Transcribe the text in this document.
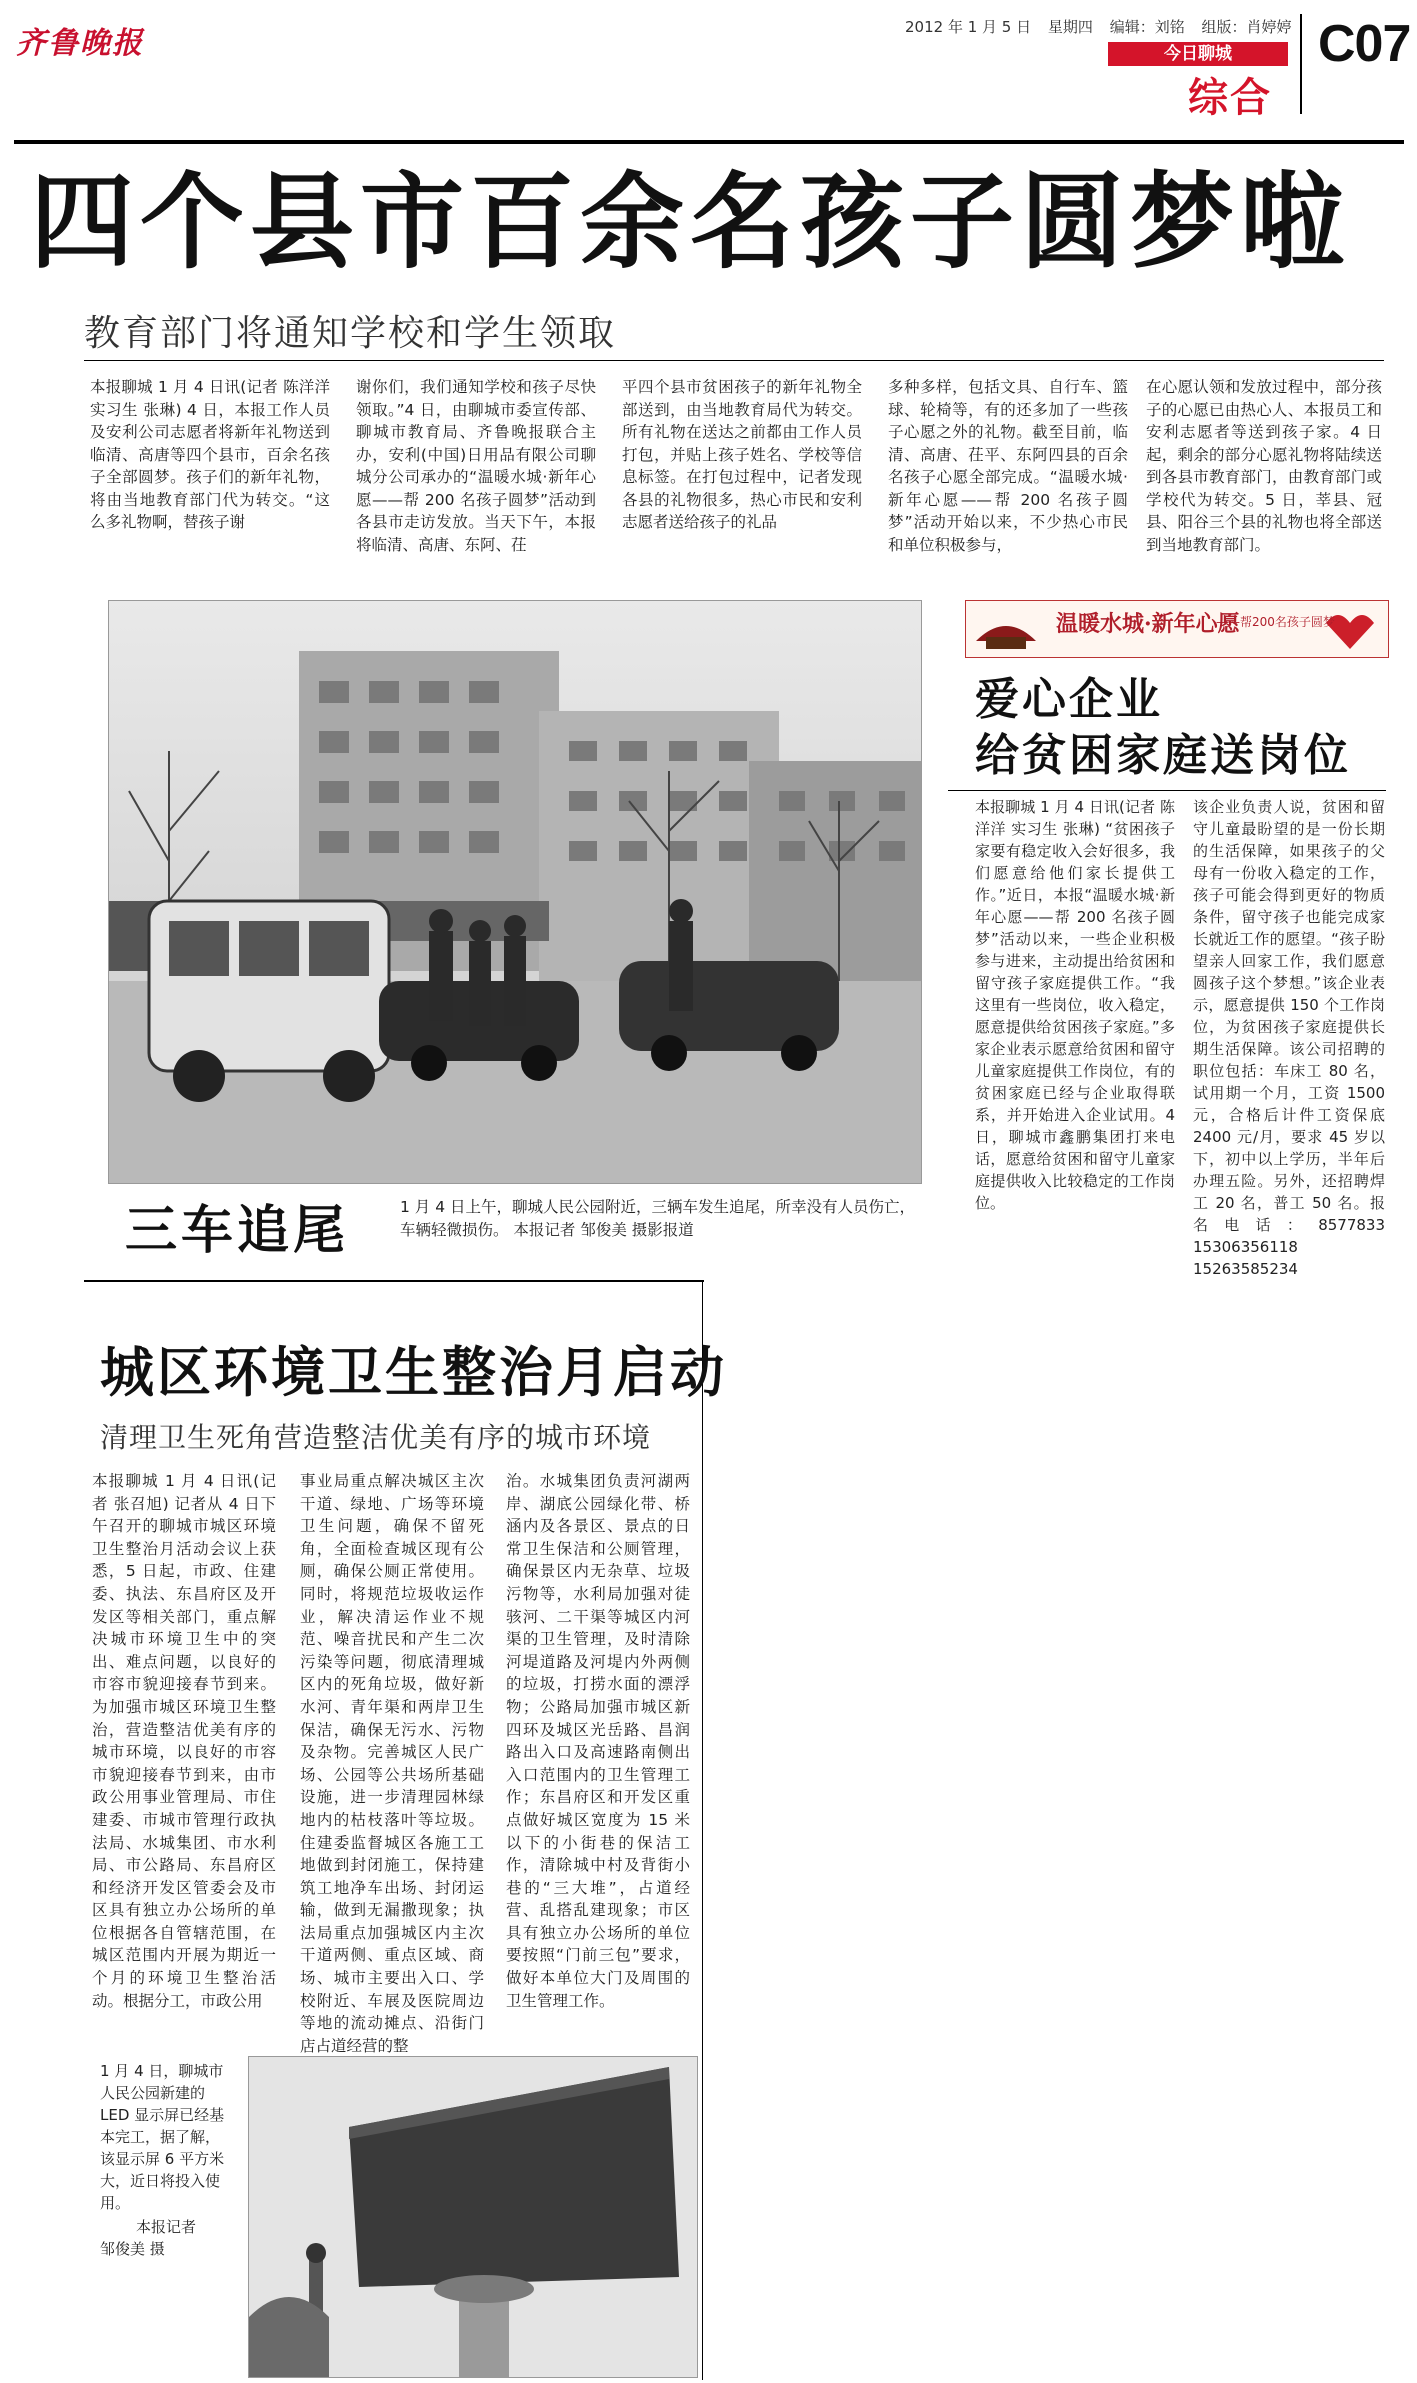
齐鲁晚报	2012 年 1 月 5 日 星期四 编辑：刘铭 组版：肖婷婷
今日聊城
综合
C07
四个县市百余名孩子圆梦啦
教育部门将通知学校和学生领取

本报聊城 1 月 4 日讯(记者 陈洋洋 实习生 张琳) 4 日，本报工作人员及安利公司志愿者将新年礼物送到临清、高唐等四个县市，百余名孩子全部圆梦。孩子们的新年礼物，将由当地教育部门代为转交。“这么多礼物啊，替孩子谢

谢你们，我们通知学校和孩子尽快领取。”4 日，由聊城市委宣传部、聊城市教育局、齐鲁晚报联合主办，安利(中国)日用品有限公司聊城分公司承办的“温暖水城·新年心愿——帮 200 名孩子圆梦”活动到各县市走访发放。当天下午，本报将临清、高唐、东阿、茌

平四个县市贫困孩子的新年礼物全部送到，由当地教育局代为转交。所有礼物在送达之前都由工作人员打包，并贴上孩子姓名、学校等信息标签。在打包过程中，记者发现各县的礼物很多，热心市民和安利志愿者送给孩子的礼品

多种多样，包括文具、自行车、篮球、轮椅等，有的还多加了一些孩子心愿之外的礼物。截至目前，临清、高唐、茌平、东阿四县的百余名孩子心愿全部完成。“温暖水城·新年心愿——帮 200 名孩子圆梦”活动开始以来，不少热心市民和单位积极参与，

在心愿认领和发放过程中，部分孩子的心愿已由热心人、本报员工和安利志愿者等送到孩子家。4 日起，剩余的部分心愿礼物将陆续送到各县市教育部门，由教育部门或学校代为转交。5 日，莘县、冠县、阳谷三个县的礼物也将全部送到当地教育部门。

三车追尾	1 月 4 日上午，聊城人民公园附近，三辆车发生追尾，所幸没有人员伤亡，车辆轻微损伤。 本报记者 邹俊美 摄影报道
温暖水城·新年心愿
——帮200名孩子圆梦
爱心企业
给贫困家庭送岗位

本报聊城 1 月 4 日讯(记者 陈洋洋 实习生 张琳) “贫困孩子家要有稳定收入会好很多，我们愿意给他们家长提供工作。”近日，本报“温暖水城·新年心愿——帮 200 名孩子圆梦”活动以来，一些企业积极参与进来，主动提出给贫困和留守孩子家庭提供工作。“我这里有一些岗位，收入稳定，愿意提供给贫困孩子家庭。”多家企业表示愿意给贫困和留守儿童家庭提供工作岗位，有的贫困家庭已经与企业取得联系，并开始进入企业试用。4 日，聊城市鑫鹏集团打来电话，愿意给贫困和留守儿童家庭提供收入比较稳定的工作岗位。

该企业负责人说，贫困和留守儿童最盼望的是一份长期的生活保障，如果孩子的父母有一份收入稳定的工作，孩子可能会得到更好的物质条件，留守孩子也能完成家长就近工作的愿望。“孩子盼望亲人回家工作，我们愿意圆孩子这个梦想。”该企业表示，愿意提供 150 个工作岗位，为贫困孩子家庭提供长期生活保障。该公司招聘的职位包括：车床工 80 名，试用期一个月，工资 1500 元，合格后计件工资保底 2400 元/月，要求 45 岁以下，初中以上学历，半年后办理五险。另外，还招聘焊工 20 名，普工 50 名。报名电话：8577833 15306356118 15263585234

城区环境卫生整治月启动
清理卫生死角营造整洁优美有序的城市环境

本报聊城 1 月 4 日讯(记者 张召旭) 记者从 4 日下午召开的聊城市城区环境卫生整治月活动会议上获悉，5 日起，市政、住建委、执法、东昌府区及开发区等相关部门，重点解决城市环境卫生中的突出、难点问题，以良好的市容市貌迎接春节到来。为加强市城区环境卫生整治，营造整洁优美有序的城市环境，以良好的市容市貌迎接春节到来，由市政公用事业管理局、市住建委、市城市管理行政执法局、水城集团、市水利局、市公路局、东昌府区和经济开发区管委会及市区具有独立办公场所的单位根据各自管辖范围，在城区范围内开展为期近一个月的环境卫生整治活动。根据分工，市政公用

事业局重点解决城区主次干道、绿地、广场等环境卫生问题，确保不留死角，全面检查城区现有公厕，确保公厕正常使用。同时，将规范垃圾收运作业，解决清运作业不规范、噪音扰民和产生二次污染等问题，彻底清理城区内的死角垃圾，做好新水河、青年渠和两岸卫生保洁，确保无污水、污物及杂物。完善城区人民广场、公园等公共场所基础设施，进一步清理园林绿地内的枯枝落叶等垃圾。住建委监督城区各施工工地做到封闭施工，保持建筑工地净车出场、封闭运输，做到无漏撒现象；执法局重点加强城区内主次干道两侧、重点区域、商场、城市主要出入口、学校附近、车展及医院周边等地的流动摊点、沿街门店占道经营的整

治。水城集团负责河湖两岸、湖底公园绿化带、桥涵内及各景区、景点的日常卫生保洁和公厕管理，确保景区内无杂草、垃圾污物等，水利局加强对徒骇河、二干渠等城区内河渠的卫生管理，及时清除河堤道路及河堤内外两侧的垃圾，打捞水面的漂浮物；公路局加强市城区新四环及城区光岳路、昌润路出入口及高速路南侧出入口范围内的卫生管理工作；东昌府区和开发区重点做好城区宽度为 15 米以下的小街巷的保洁工作，清除城中村及背街小巷的“三大堆”，占道经营、乱搭乱建现象；市区具有独立办公场所的单位要按照“门前三包”要求，做好本单位大门及周围的卫生管理工作。

1 月 4 日，聊城市人民公园新建的 LED 显示屏已经基本完工，据了解，该显示屏 6 平方米大，近日将投入使用。
本报记者
邹俊美 摄
